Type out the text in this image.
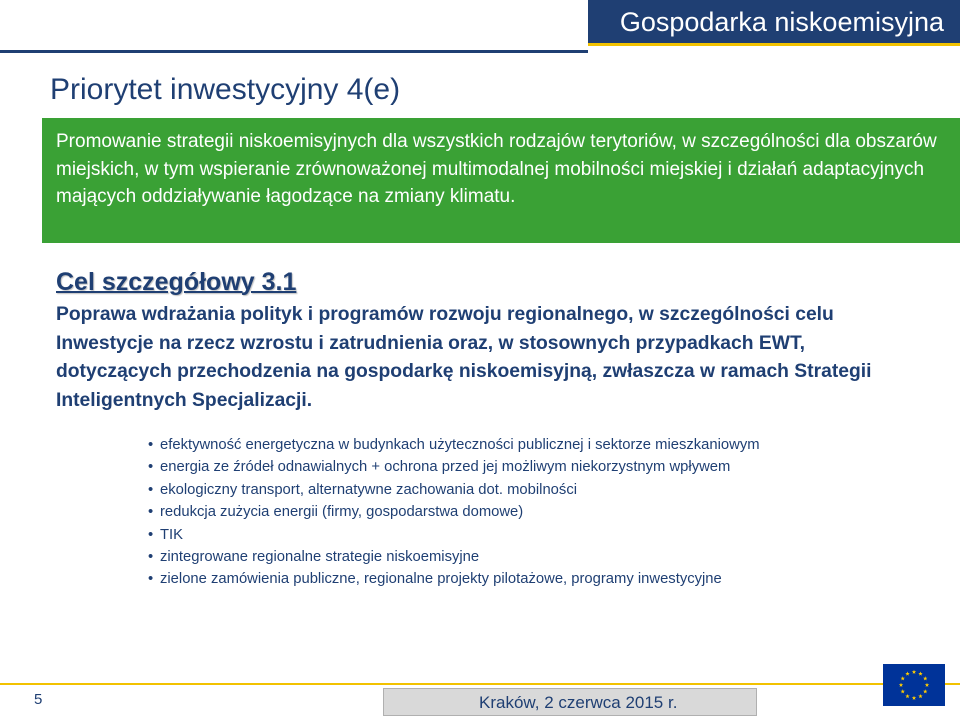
Gospodarka niskoemisyjna
Priorytet inwestycyjny 4(e)

Promowanie strategii niskoemisyjnych dla wszystkich rodzajów terytoriów, w szczególności dla obszarów miejskich, w tym wspieranie zrównoważonej multimodalnej mobilności miejskiej i działań adaptacyjnych mających oddziaływanie łagodzące na zmiany klimatu.

Cel szczegółowy 3.1

Poprawa wdrażania polityk i programów rozwoju regionalnego, w szczególności celu Inwestycje na rzecz wzrostu i zatrudnienia oraz, w stosownych przypadkach EWT, dotyczących przechodzenia na gospodarkę niskoemisyjną, zwłaszcza w ramach Strategii Inteligentnych Specjalizacji.

• efektywność energetyczna w budynkach użyteczności publicznej i sektorze mieszkaniowym
• energia ze źródeł odnawialnych + ochrona przed jej możliwym niekorzystnym wpływem
• ekologiczny transport, alternatywne zachowania dot. mobilności
• redukcja zużycia energii (firmy, gospodarstwa domowe)
• TIK
• zintegrowane regionalne strategie niskoemisyjne
• zielone zamówienia publiczne, regionalne projekty pilotażowe, programy inwestycyjne
5	Kraków, 2 czerwca 2015 r.
